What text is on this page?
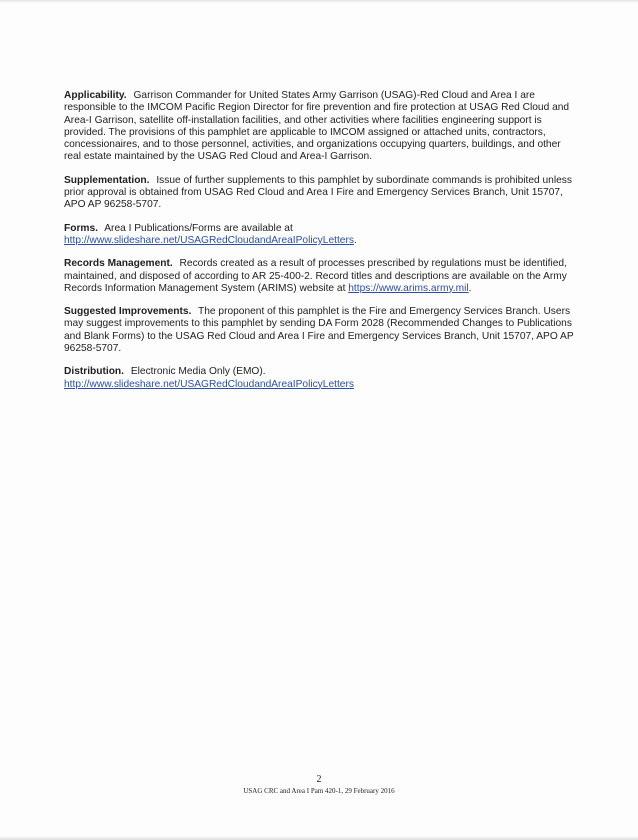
Applicability. Garrison Commander for United States Army Garrison (USAG)-Red Cloud and Area I are responsible to the IMCOM Pacific Region Director for fire prevention and fire protection at USAG Red Cloud and Area-I Garrison, satellite off-installation facilities, and other activities where facilities engineering support is provided. The provisions of this pamphlet are applicable to IMCOM assigned or attached units, contractors, concessionaires, and to those personnel, activities, and organizations occupying quarters, buildings, and other real estate maintained by the USAG Red Cloud and Area-I Garrison.

Supplementation. Issue of further supplements to this pamphlet by subordinate commands is prohibited unless prior approval is obtained from USAG Red Cloud and Area I Fire and Emergency Services Branch, Unit 15707, APO AP 96258-5707.

Forms. Area I Publications/Forms are available at
http://www.slideshare.net/USAGRedCloudandAreaIPolicyLetters.

Records Management. Records created as a result of processes prescribed by regulations must be identified, maintained, and disposed of according to AR 25-400-2. Record titles and descriptions are available on the Army Records Information Management System (ARIMS) website at https://www.arims.army.mil.

Suggested Improvements. The proponent of this pamphlet is the Fire and Emergency Services Branch. Users may suggest improvements to this pamphlet by sending DA Form 2028 (Recommended Changes to Publications and Blank Forms) to the USAG Red Cloud and Area I Fire and Emergency Services Branch, Unit 15707, APO AP 96258-5707.

Distribution. Electronic Media Only (EMO).
http://www.slideshare.net/USAGRedCloudandAreaIPolicyLetters

2
USAG CRC and Area I Pam 420-1, 29 February 2016
